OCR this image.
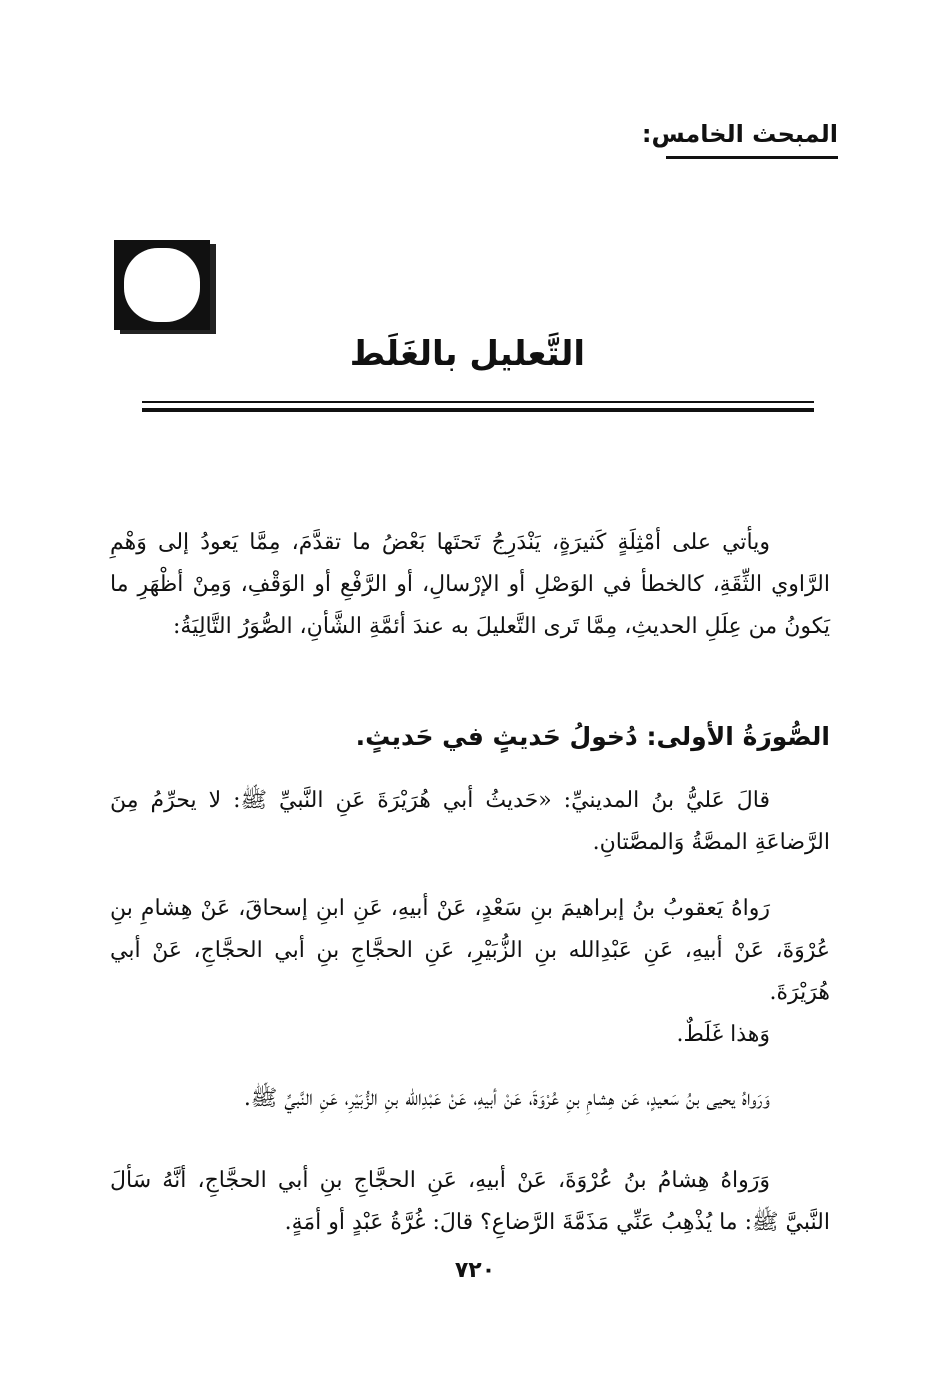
المبحث الخامس:
التَّعليل بالغَلَط

ويأتي على أمْثِلَةٍ كَثيرَةٍ، يَنْدَرِجُ تَحتَها بَعْضُ ما تقدَّمَ، مِمَّا يَعودُ إلى وَهْمِ الرَّاوي الثِّقَةِ، كالخطأ في الوَصْلِ أو الإرْسالِ، أو الرَّفْعِ أو الوَقْفِ، وَمِنْ أظْهَرِ ما يَكونُ من عِلَلِ الحديثِ، مِمَّا تَرى التَّعليلَ به عندَ أئمَّةِ الشَّأنِ، الصُّوَرُ التَّالِيَةُ:

الصُّورَةُ الأولى: دُخولُ حَديثٍ في حَديثٍ.

قالَ عَليُّ بنُ المدينيِّ: «حَديثُ أبي هُرَيْرَةَ عَنِ النَّبيِّ ﷺ: لا يحرِّمُ مِنَ الرَّضاعَةِ المصَّةُ وَالمصَّتانِ.

رَواهُ يَعقوبُ بنُ إبراهيمَ بنِ سَعْدٍ، عَنْ أبيهِ، عَنِ ابنِ إسحاقَ، عَنْ هِشامِ بنِ عُرْوَةَ، عَنْ أبيهِ، عَنِ عَبْدِالله بنِ الزُّبَيْرِ، عَنِ الحجَّاجِ بنِ أبي الحجَّاجِ، عَنْ أبي هُرَيْرَةَ.

وَهذا غَلَطٌ.

وَرَواهُ يحيى بنُ سَعيدٍ، عَن هِشامِ بنِ عُرْوَةَ، عَنْ أبيهِ، عَنْ عَبْدِالله بنِ الزُّبَيْرِ، عَنِ النَّبيِّ ﷺ.

وَرَواهُ هِشامُ بنُ عُرْوَةَ، عَنْ أبيهِ، عَنِ الحجَّاجِ بنِ أبي الحجَّاجِ، أنَّهُ سَألَ النَّبيَّ ﷺ: ما يُذْهِبُ عَنِّي مَذَمَّةَ الرَّضاعِ؟ قالَ: غُرَّةُ عَبْدٍ أو أمَةٍ.

٧٢٠
